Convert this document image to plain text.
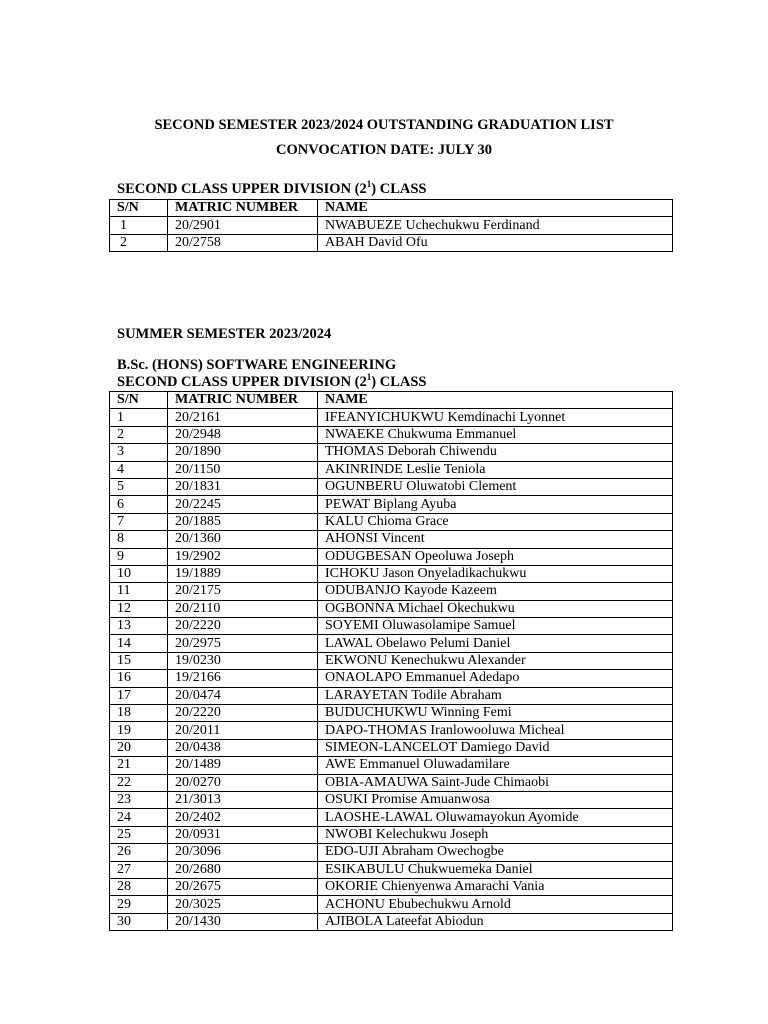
SECOND SEMESTER 2023/2024 OUTSTANDING GRADUATION LIST
CONVOCATION DATE: JULY 30
SECOND CLASS UPPER DIVISION $(2^1)$ CLASS
S/N	MATRIC NUMBER	NAME
1	20/2901	NWABUEZE Uchechukwu Ferdinand
2	20/2758	ABAH David Ofu
SUMMER SEMESTER 2023/2024
B.Sc. (HONS) SOFTWARE ENGINEERING
SECOND CLASS UPPER DIVISION $(2^1)$ CLASS
S/N	MATRIC NUMBER	NAME
1	20/2161	IFEANYICHUKWU Kemdinachi Lyonnet
2	20/2948	NWAEKE Chukwuma Emmanuel
3	20/1890	THOMAS Deborah Chiwendu
4	20/1150	AKINRINDE Leslie Teniola
5	20/1831	OGUNBERU Oluwatobi Clement
6	20/2245	PEWAT Biplang Ayuba
7	20/1885	KALU Chioma Grace
8	20/1360	AHONSI Vincent
9	19/2902	ODUGBESAN Opeoluwa Joseph
10	19/1889	ICHOKU Jason Onyeladikachukwu
11	20/2175	ODUBANJO Kayode Kazeem
12	20/2110	OGBONNA Michael Okechukwu
13	20/2220	SOYEMI Oluwasolamipe Samuel
14	20/2975	LAWAL Obelawo Pelumi Daniel
15	19/0230	EKWONU Kenechukwu Alexander
16	19/2166	ONAOLAPO Emmanuel Adedapo
17	20/0474	LARAYETAN Todile Abraham
18	20/2220	BUDUCHUKWU Winning Femi
19	20/2011	DAPO-THOMAS Iranlowooluwa Micheal
20	20/0438	SIMEON-LANCELOT Damiego David
21	20/1489	AWE Emmanuel Oluwadamilare
22	20/0270	OBIA-AMAUWA Saint-Jude Chimaobi
23	21/3013	OSUKI Promise Amuanwosa
24	20/2402	LAOSHE-LAWAL Oluwamayokun Ayomide
25	20/0931	NWOBI Kelechukwu Joseph
26	20/3096	EDO-UJI Abraham Owechogbe
27	20/2680	ESIKABULU Chukwuemeka Daniel
28	20/2675	OKORIE Chienyenwa Amarachi Vania
29	20/3025	ACHONU Ebubechukwu Arnold
30	20/1430	AJIBOLA Lateefat Abiodun
